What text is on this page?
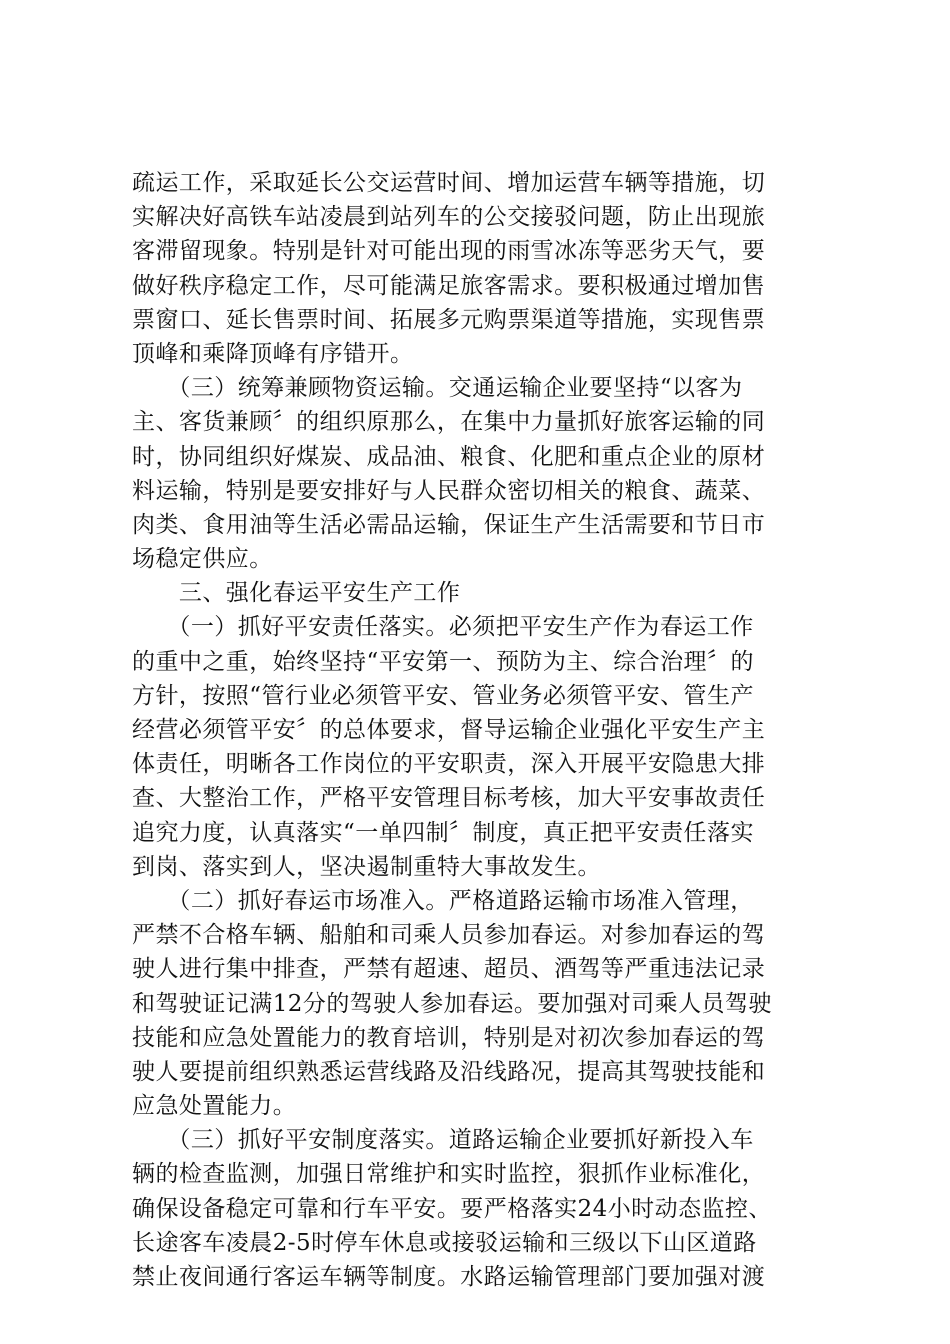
疏运工作，采取延长公交运营时间、增加运营车辆等措施，切
实解决好高铁车站凌晨到站列车的公交接驳问题，防止出现旅
客滞留现象。特别是针对可能出现的雨雪冰冻等恶劣天气，要
做好秩序稳定工作，尽可能满足旅客需求。要积极通过增加售
票窗口、延长售票时间、拓展多元购票渠道等措施，实现售票
顶峰和乘降顶峰有序错开。
　　（三）统筹兼顾物资运输。交通运输企业要坚持“以客为
主、客货兼顾〞的组织原那么，在集中力量抓好旅客运输的同
时，协同组织好煤炭、成品油、粮食、化肥和重点企业的原材
料运输，特别是要安排好与人民群众密切相关的粮食、蔬菜、
肉类、食用油等生活必需品运输，保证生产生活需要和节日市
场稳定供应。
　　三、强化春运平安生产工作
　　（一）抓好平安责任落实。必须把平安生产作为春运工作
的重中之重，始终坚持“平安第一、预防为主、综合治理〞的
方针，按照“管行业必须管平安、管业务必须管平安、管生产
经营必须管平安〞的总体要求，督导运输企业强化平安生产主
体责任，明晰各工作岗位的平安职责，深入开展平安隐患大排
查、大整治工作，严格平安管理目标考核，加大平安事故责任
追究力度，认真落实“一单四制〞制度，真正把平安责任落实
到岗、落实到人，坚决遏制重特大事故发生。
　　（二）抓好春运市场准入。严格道路运输市场准入管理，
严禁不合格车辆、船舶和司乘人员参加春运。对参加春运的驾
驶人进行集中排查，严禁有超速、超员、酒驾等严重违法记录
和驾驶证记满12分的驾驶人参加春运。要加强对司乘人员驾驶
技能和应急处置能力的教育培训，特别是对初次参加春运的驾
驶人要提前组织熟悉运营线路及沿线路况，提高其驾驶技能和
应急处置能力。
　　（三）抓好平安制度落实。道路运输企业要抓好新投入车
辆的检查监测，加强日常维护和实时监控，狠抓作业标准化，
确保设备稳定可靠和行车平安。要严格落实24小时动态监控、
长途客车凌晨2-5时停车休息或接驳运输和三级以下山区道路
禁止夜间通行客运车辆等制度。水路运输管理部门要加强对渡
